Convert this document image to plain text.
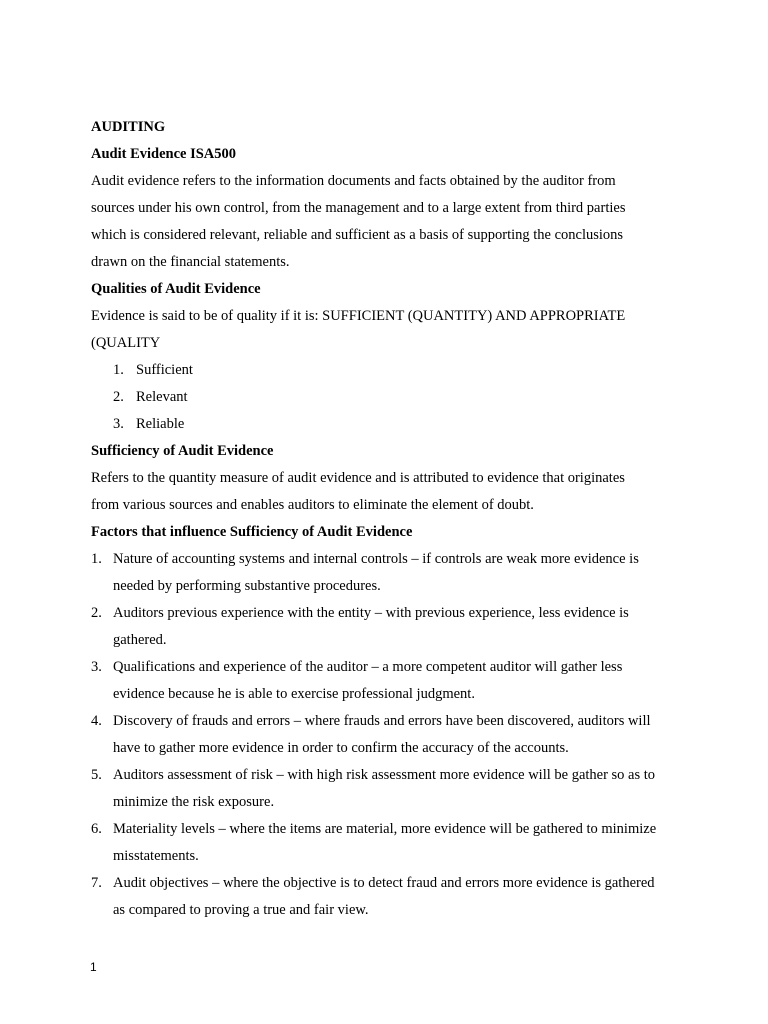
AUDITING

Audit Evidence ISA500

Audit evidence refers to the information documents and facts obtained by the auditor from

sources under his own control, from the management and to a large extent from third parties

which is considered relevant, reliable and sufficient as a basis of supporting the conclusions

drawn on the financial statements.

Qualities of Audit Evidence

Evidence is said to be of quality if it is: SUFFICIENT (QUANTITY) AND APPROPRIATE

(QUALITY

1. Sufficient
2. Relevant
3. Reliable

Sufficiency of Audit Evidence

Refers to the quantity measure of audit evidence and is attributed to evidence that originates

from various sources and enables auditors to eliminate the element of doubt.

Factors that influence Sufficiency of Audit Evidence

1. Nature of accounting systems and internal controls – if controls are weak more evidence is
needed by performing substantive procedures.
2. Auditors previous experience with the entity – with previous experience, less evidence is
gathered.
3. Qualifications and experience of the auditor – a more competent auditor will gather less
evidence because he is able to exercise professional judgment.
4. Discovery of frauds and errors – where frauds and errors have been discovered, auditors will
have to gather more evidence in order to confirm the accuracy of the accounts.
5. Auditors assessment of risk – with high risk assessment more evidence will be gather so as to
minimize the risk exposure.
6. Materiality levels – where the items are material, more evidence will be gathered to minimize
misstatements.
7. Audit objectives – where the objective is to detect fraud and errors more evidence is gathered
as compared to proving a true and fair view.
1
